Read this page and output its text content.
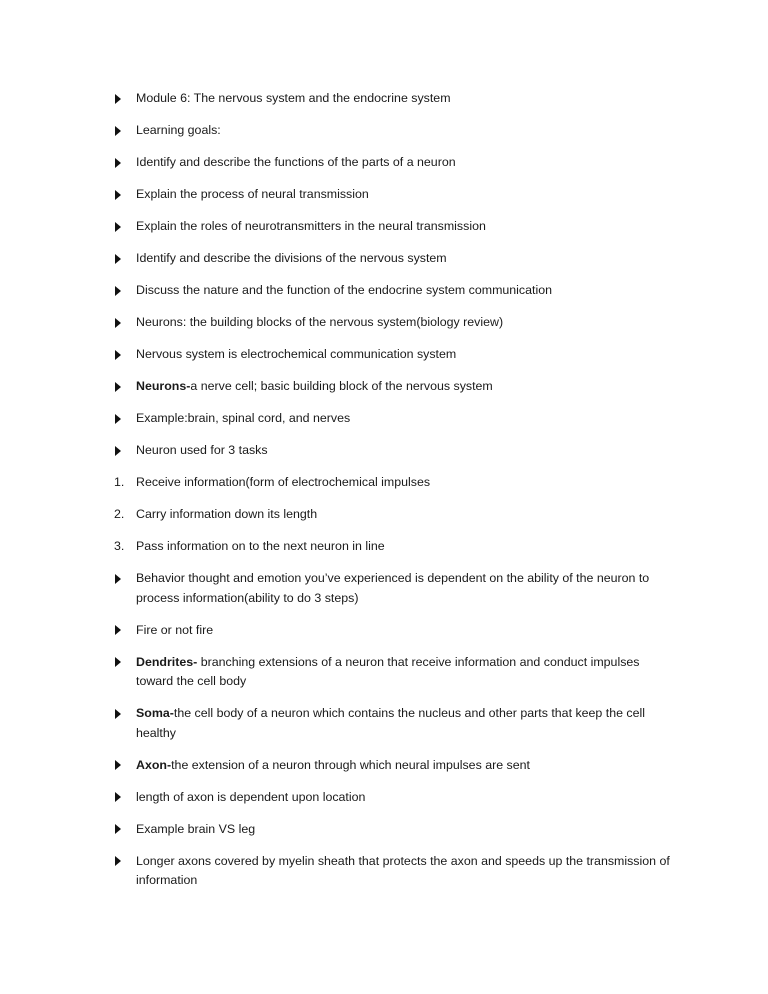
Module 6: The nervous system and the endocrine system
Learning goals:
Identify and describe the functions of the parts of a neuron
Explain the process of neural transmission
Explain the roles of neurotransmitters in the neural transmission
Identify and describe the divisions of the nervous system
Discuss the nature and the function of the endocrine system communication
Neurons: the building blocks of the nervous system(biology review)
Nervous system is electrochemical communication system
Neurons-a nerve cell; basic building block of the nervous system
Example:brain, spinal cord, and nerves
Neuron used for 3 tasks
1. Receive information(form of electrochemical impulses
2. Carry information down its length
3. Pass information on to the next neuron in line
Behavior thought and emotion you’ve experienced is dependent on the ability of the neuron to process information(ability to do 3 steps)
Fire or not fire
Dendrites- branching extensions of a neuron that receive information and conduct impulses toward the cell body
Soma-the cell body of a neuron which contains the nucleus and other parts that keep the cell healthy
Axon-the extension of a neuron through which neural impulses are sent
length of axon is dependent upon location
Example brain VS leg
Longer axons covered by myelin sheath that protects the axon and speeds up the transmission of information
